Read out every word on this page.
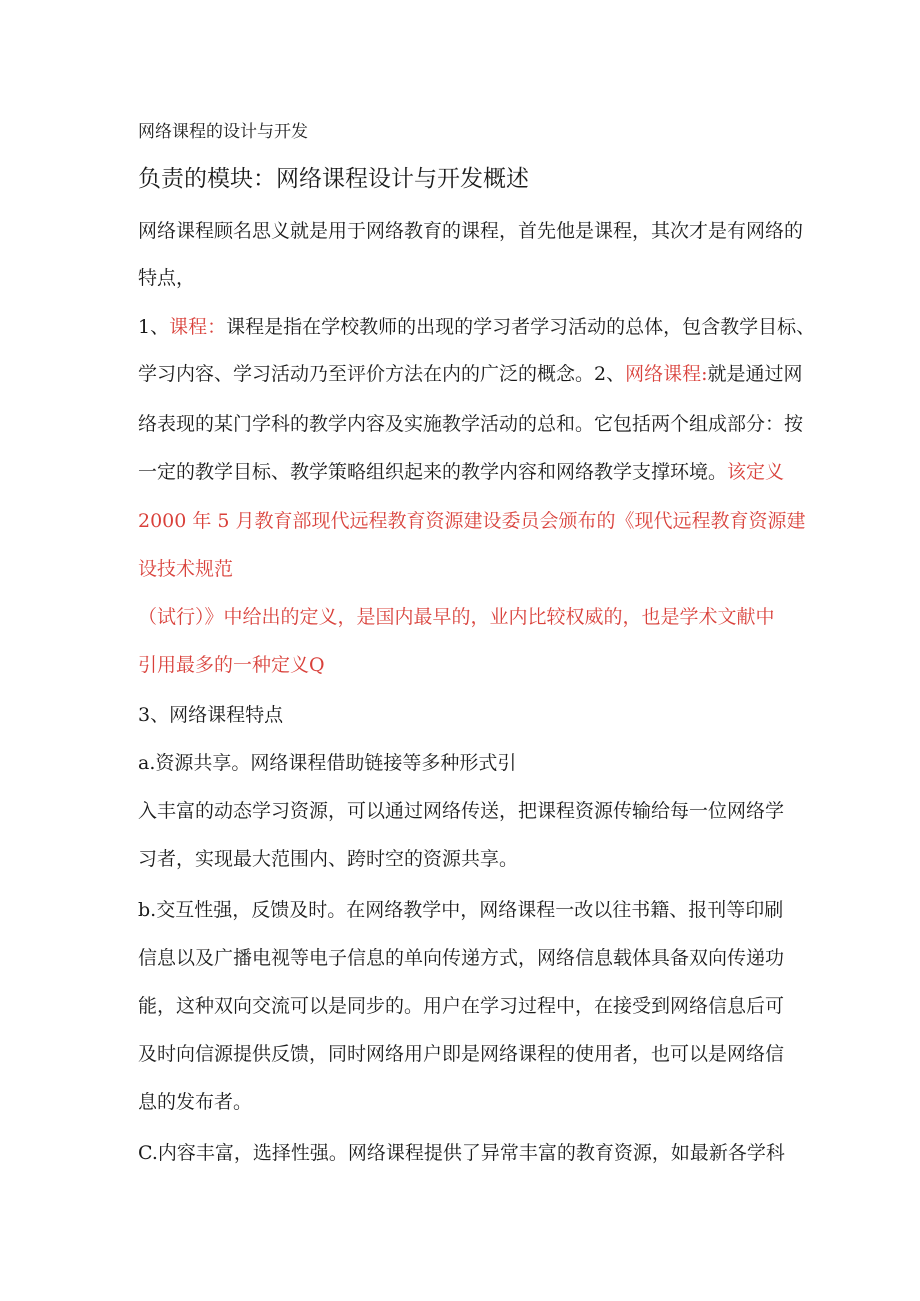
网络课程的设计与开发
负责的模块：网络课程设计与开发概述
网络课程顾名思义就是用于网络教育的课程，首先他是课程，其次才是有网络的
特点，
1、课程：课程是指在学校教师的出现的学习者学习活动的总体，包含教学目标、
学习内容、学习活动乃至评价方法在内的广泛的概念。2、网络课程:就是通过网
络表现的某门学科的教学内容及实施教学活动的总和。它包括两个组成部分：按
一定的教学目标、教学策略组织起来的教学内容和网络教学支撑环境。该定义
2000 年 5 月教育部现代远程教育资源建设委员会颁布的《现代远程教育资源建
设技术规范
（试行）》中给出的定义，是国内最早的，业内比较权威的，也是学术文献中
引用最多的一种定义Q
3、网络课程特点
a.资源共享。网络课程借助链接等多种形式引
入丰富的动态学习资源，可以通过网络传送，把课程资源传输给每一位网络学
习者，实现最大范围内、跨时空的资源共享。
b.交互性强，反馈及时。在网络教学中，网络课程一改以往书籍、报刊等印刷
信息以及广播电视等电子信息的单向传递方式，网络信息载体具备双向传递功
能，这种双向交流可以是同步的。用户在学习过程中，在接受到网络信息后可
及时向信源提供反馈，同时网络用户即是网络课程的使用者，也可以是网络信
息的发布者。
C.内容丰富，选择性强。网络课程提供了异常丰富的教育资源，如最新各学科
